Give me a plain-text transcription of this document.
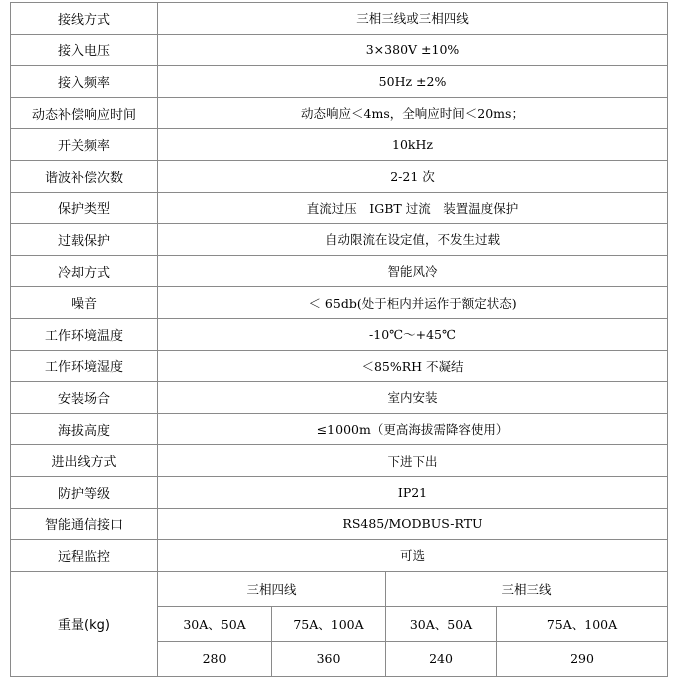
接线方式	三相三线或三相四线			
接入电压	3×380V ±10%			
接入频率	50Hz ±2%			
动态补偿响应时间	动态响应＜4ms，全响应时间＜20ms；			
开关频率	10kHz			
谐波补偿次数	2-21 次			
保护类型	直流过压　IGBT 过流　装置温度保护			
过载保护	自动限流在设定值，不发生过载			
冷却方式	智能风冷			
噪音	＜ 65db(处于柜内并运作于额定状态)			
工作环境温度	-10℃～+45℃			
工作环境湿度	＜85%RH 不凝结			
安装场合	室内安装			
海拔高度	≤1000m（更高海拔需降容使用）			
进出线方式	下进下出			
防护等级	IP21			
智能通信接口	RS485/MODBUS-RTU			
远程监控	可选			
重量(kg)	三相四线		三相三线	
	30A、50A	75A、100A	30A、50A	75A、100A
	280	360	240	290
